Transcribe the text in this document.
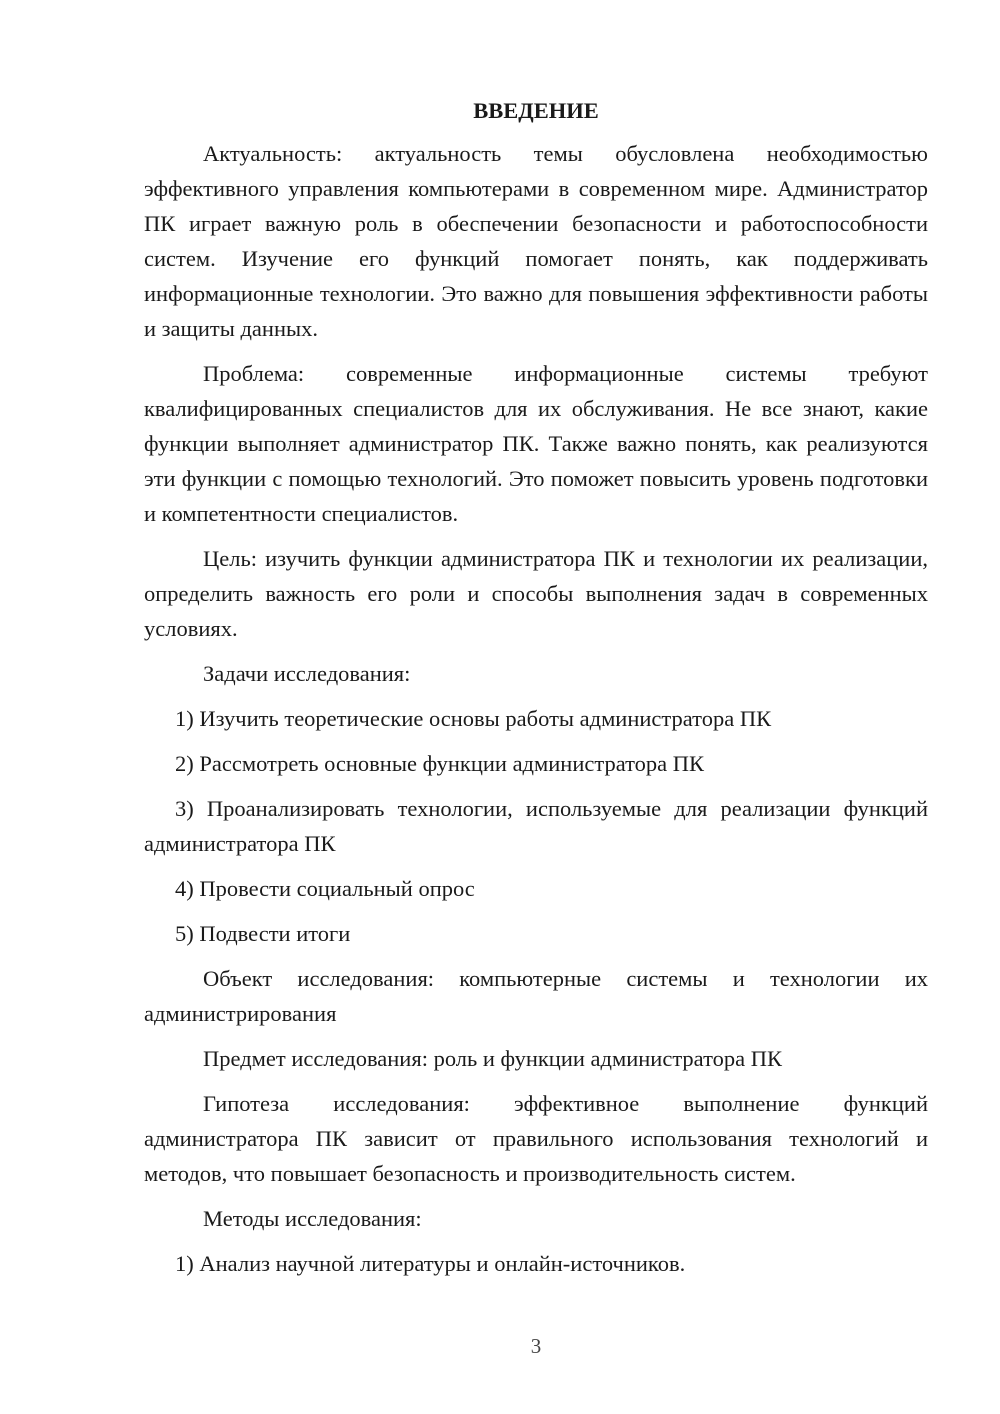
ВВЕДЕНИЕ

Актуальность: актуальность темы обусловлена необходимостью эффективного управления компьютерами в современном мире. Администратор ПК играет важную роль в обеспечении безопасности и работоспособности систем. Изучение его функций помогает понять, как поддерживать информационные технологии. Это важно для повышения эффективности работы и защиты данных.

Проблема: современные информационные системы требуют квалифицированных специалистов для их обслуживания. Не все знают, какие функции выполняет администратор ПК. Также важно понять, как реализуются эти функции с помощью технологий. Это поможет повысить уровень подготовки и компетентности специалистов.

Цель: изучить функции администратора ПК и технологии их реализации, определить важность его роли и способы выполнения задач в современных условиях.

Задачи исследования:

1) Изучить теоретические основы работы администратора ПК

2) Рассмотреть основные функции администратора ПК

3) Проанализировать технологии, используемые для реализации функций администратора ПК

4) Провести социальный опрос

5) Подвести итоги

Объект исследования: компьютерные системы и технологии их администрирования

Предмет исследования: роль и функции администратора ПК

Гипотеза исследования: эффективное выполнение функций администратора ПК зависит от правильного использования технологий и методов, что повышает безопасность и производительность систем.

Методы исследования:

1) Анализ научной литературы и онлайн-источников.

3
